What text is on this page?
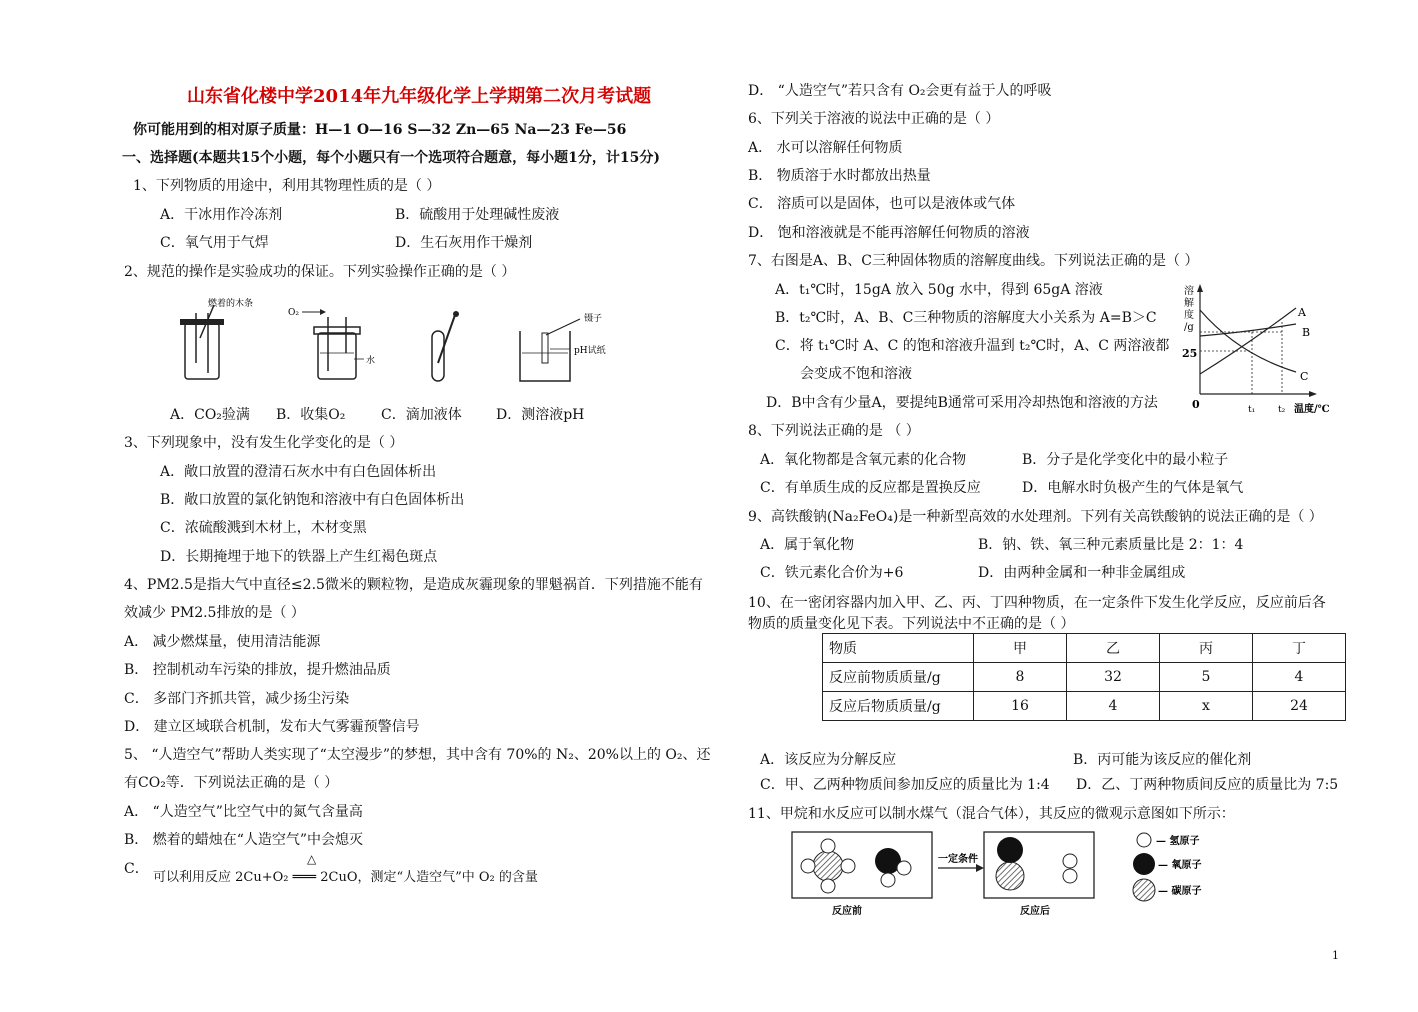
山东省化楼中学2014年九年级化学上学期第二次月考试题
你可能用到的相对原子质量：H—1 O—16 S—32 Zn—65 Na—23 Fe—56
一、选择题(本题共15个小题，每个小题只有一个选项符合题意，每小题1分，计15分)
1、下列物质的用途中，利用其物理性质的是（ ）
A．干冰用作冷冻剂	B．硫酸用于处理碱性废液
C．氧气用于气焊	D．生石灰用作干燥剂
2、规范的操作是实验成功的保证。下列实验操作正确的是（ ）
燃着的木条
O₂
水
镊子
pH试纸
A．CO₂验满 B．收集O₂	C．滴加液体 D．测溶液pH
3、下列现象中，没有发生化学变化的是（ ）
A．敞口放置的澄清石灰水中有白色固体析出
B．敞口放置的氯化钠饱和溶液中有白色固体析出
C．浓硫酸溅到木材上，木材变黑
D．长期掩埋于地下的铁器上产生红褐色斑点
4、PM2.5是指大气中直径≤2.5微米的颗粒物，是造成灰霾现象的罪魁祸首．下列措施不能有
效减少 PM2.5排放的是（ ）
A． 减少燃煤量，使用清洁能源
B． 控制机动车污染的排放，提升燃油品质
C． 多部门齐抓共管，减少扬尘污染
D． 建立区域联合机制，发布大气雾霾预警信号
5、 “人造空气”帮助人类实现了“太空漫步”的梦想，其中含有 70%的 N₂、20%以上的 O₂、还
有CO₂等．下列说法正确的是（ ）
A． “人造空气”比空气中的氮气含量高
B． 燃着的蜡烛在“人造空气”中会熄灭
C．
△
可以利用反应 2Cu+O₂ ═══ 2CuO，测定“人造空气”中 O₂ 的含量
D． “人造空气”若只含有 O₂会更有益于人的呼吸
6、下列关于溶液的说法中正确的是（ ）
A． 水可以溶解任何物质
B． 物质溶于水时都放出热量
C． 溶质可以是固体，也可以是液体或气体
D． 饱和溶液就是不能再溶解任何物质的溶液
7、右图是A、B、C三种固体物质的溶解度曲线。下列说法正确的是（ ）
A．t₁℃时，15gA 放入 50g 水中，得到 65gA 溶液
B．t₂℃时，A、B、C三种物质的溶解度大小关系为 A=B＞C
C．将 t₁℃时 A、C 的饱和溶液升温到 t₂℃时，A、C 两溶液都
会变成不饱和溶液
D．B中含有少量A，要提纯B通常可采用冷却热饱和溶液的方法
溶
解
度
/g
0
25
A
B
C
t₁	t₂ 温度/℃
8、下列说法正确的是 （ ）
A．氧化物都是含氧元素的化合物	B．分子是化学变化中的最小粒子
C．有单质生成的反应都是置换反应	D．电解水时负极产生的气体是氧气
9、高铁酸钠(Na₂FeO₄)是一种新型高效的水处理剂。下列有关高铁酸钠的说法正确的是（ ）
A．属于氧化物	B．钠、铁、氧三种元素质量比是 2：1：4
C．铁元素化合价为+6	D．由两种金属和一种非金属组成
10、在一密闭容器内加入甲、乙、丙、丁四种物质，在一定条件下发生化学反应，反应前后各
物质的质量变化见下表。下列说法中不正确的是（ ）
物质	甲	乙	丙	丁
反应前物质质量/g	8	32	5	4
反应后物质质量/g	16	4	x	24
A．该反应为分解反应	B．丙可能为该反应的催化剂
C．甲、乙两种物质间参加反应的质量比为 1:4 D．乙、丁两种物质间反应的质量比为 7:5
11、甲烷和水反应可以制水煤气（混合气体），其反应的微观示意图如下所示：
反应前
一定条件
反应后
— 氢原子
— 氧原子
— 碳原子
1
